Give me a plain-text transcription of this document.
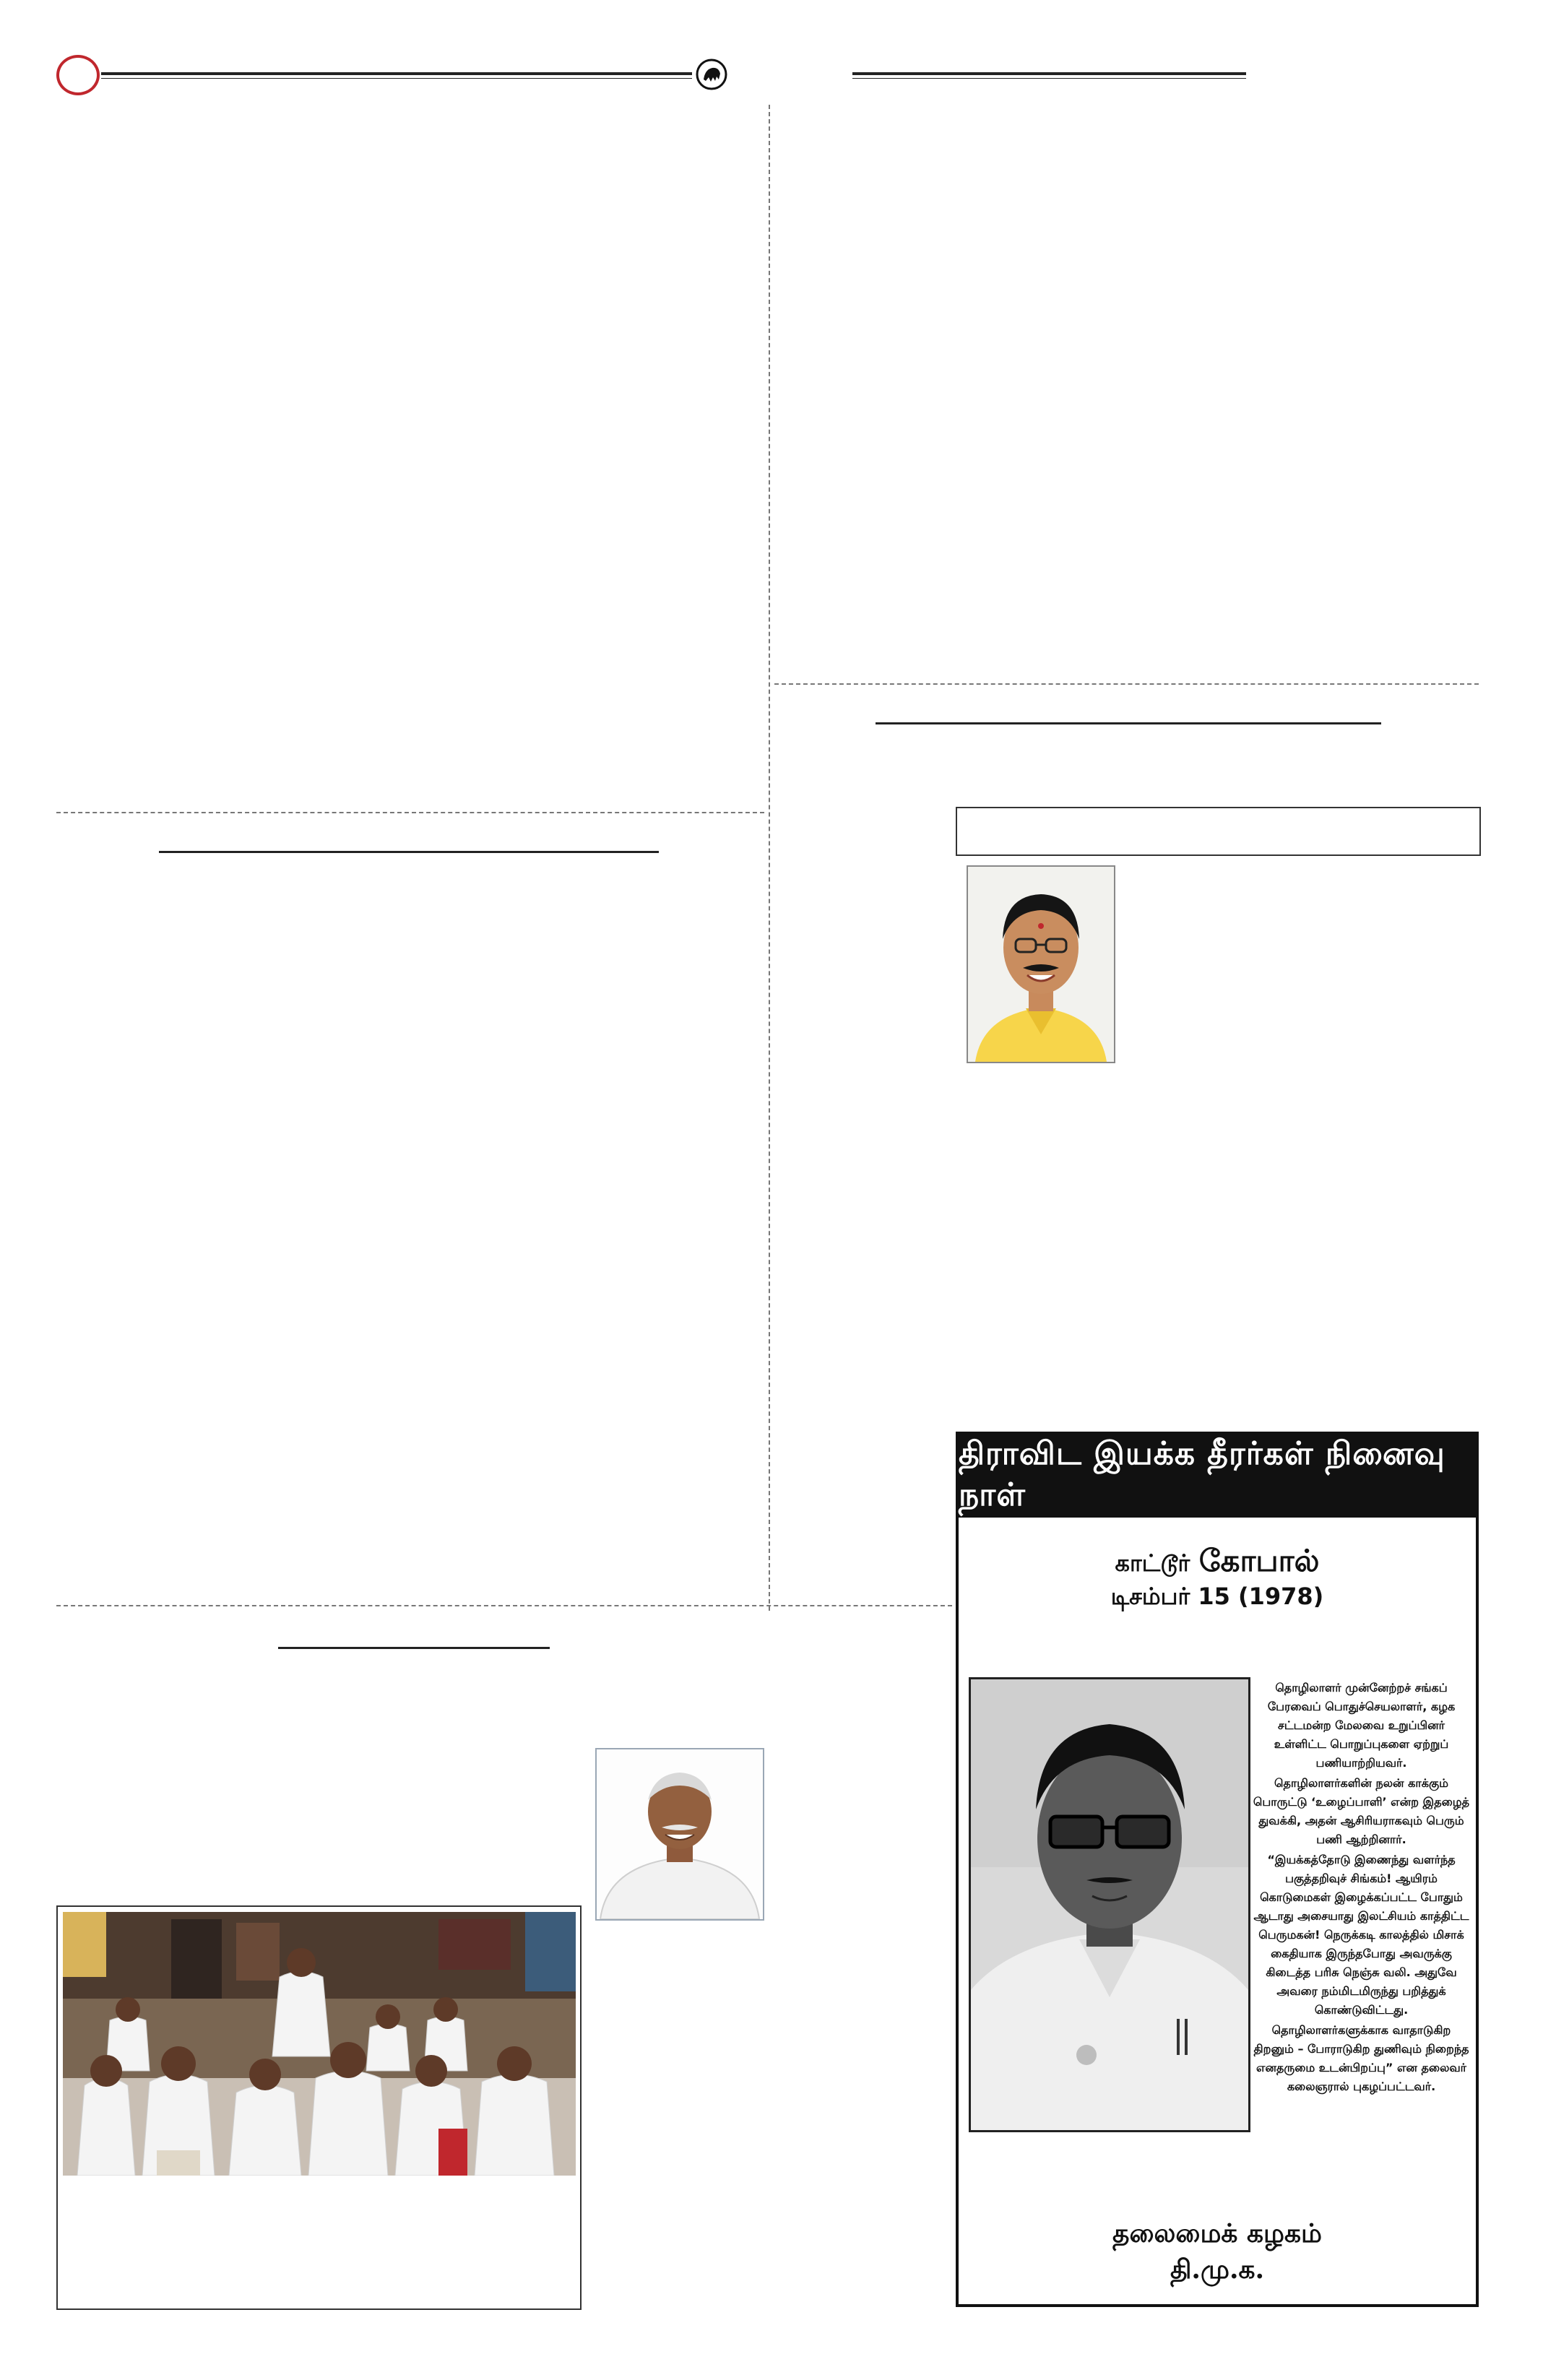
திராவிட இயக்க தீரர்கள் நினைவு நாள்
காட்டூர் கோபால்
டிசம்பர் 15 (1978)

தொழிலாளர் முன்னேற்றச் சங்கப் பேரவைப் பொதுச்செயலாளர், கழக சட்டமன்ற மேலவை உறுப்பினர் உள்ளிட்ட பொறுப்புகளை ஏற்றுப் பணியாற்றியவர்.

தொழிலாளர்களின் நலன் காக்கும் பொருட்டு ‘உழைப்பாளி’ என்ற இதழைத் துவக்கி, அதன் ஆசிரியராகவும் பெரும் பணி ஆற்றினார்.

“இயக்கத்தோடு இணைந்து வளர்ந்த பகுத்தறிவுச் சிங்கம்! ஆயிரம் கொடுமைகள் இழைக்கப்பட்ட போதும் ஆடாது அசையாது இலட்சியம் காத்திட்ட பெருமகன்! நெருக்கடி காலத்தில் மிசாக் கைதியாக இருந்தபோது அவருக்கு கிடைத்த பரிசு நெஞ்சு வலி. அதுவே அவரை நம்மிடமிருந்து பறித்துக் கொண்டுவிட்டது.

தொழிலாளர்களுக்காக வாதாடுகிற திறனும் – போராடுகிற துணிவும் நிறைந்த எனதருமை உடன்பிறப்பு” என தலைவர் கலைஞரால் புகழப்பட்டவர்.

தலைமைக் கழகம்
தி.மு.க.
